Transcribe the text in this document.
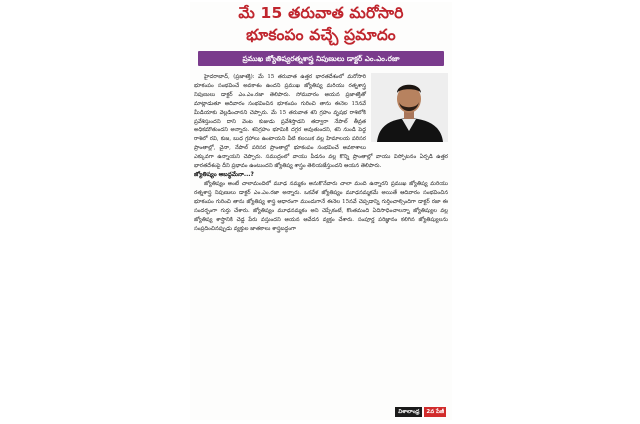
మే 15 తరువాత మరోసారి
భూకంపం వచ్చే ప్రమాదం
ప్రముఖ జ్యోతిష్యరత్నశాస్త్ర నిపుణులు డాక్టర్ ఎం.ఎం.రజా

హైదరాబాద్, (ప్రజాశక్తి): మే 15 తరువాత ఉత్తర భారతదేశంలో మరోసారి భూకంపం సంభవించే అవకాశం ఉందని ప్రముఖ జ్యోతిష్య మరియు రత్నశాస్త్ర నిపుణులు డాక్టర్ ఎం.ఎం.రజా తెలిపారు. సోమవారం ఆయన ప్రజాశక్తితో మాట్లాడుతూ ఆదివారం సంభవించిన భూకంపం గురించి తాను ఈనెల 15నవే మీడియాకు వెల్లడించానని చెప్పారు. మే 15 తరువాత శని గ్రహం వృషభ రాశిలోకి ప్రవేశిస్తుందని దాని వెంట కుజుడు ప్రవేశిస్తాడని తద్వారా నేపాల్ తీవ్రత అధికమౌతుందని అన్నారు. శనిగ్రహం భూమికి దగ్గర అవుతుందని, శని నుండి పెద్ద రాశిలో రవి, కుజ, బుధ గ్రహాలు ఉంటాయని వీటి కలయిక వల్ల హిమాలయ పరిసర ప్రాంతాల్లో, చైనా, నేపాల్ పరిసర ప్రాంతాల్లో భూకంపం సంభవించే అవకాశాలు ఎక్కువగా ఉన్నాయని చెప్పారు. సముద్రంలో వాయు పీడనం వల్ల కొన్ని ప్రాంతాల్లో వాయు విస్ఫోటనం ఏర్పడి ఉత్తర భారతదేశంపై దీని ప్రభావం ఉంటుందని జ్యోతిష్య శాస్త్రం తెలియజేస్తుందని ఆయన తెలిపారు.

జ్యోతిష్యం అబద్ధమేనా...?

జ్యోతిష్యం అంటే చాలామందిలో మూఢ నమ్మకం అనుకొనేవారు చాలా మంది ఉన్నారని ప్రముఖ జ్యోతిష్య మరియు రత్నశాస్త్ర నిపుణులు డాక్టర్ ఎం.ఎం.రజా అన్నారు. ఒకవేళ జ్యోతిష్యం మూఢనమ్మకమే అయితే ఆదివారం సంభవించిన భూకంపం గురించి తాను జ్యోతిష్య శాస్త్ర ఆధారంగా ముందుగానే ఈనెల 15నవే చెప్పడాన్ని గుర్తించాల్సిందిగా డాక్టర్ రజా ఈ సందర్భంగా గుర్తు చేశారు. జ్యోతిష్యం మూఢనమ్మకం అని చెప్పేకంటే, కొంతమంది ఏదిసాధించాలన్నా జ్యోతిష్యుల వల్ల జ్యోతిష్య శాస్త్రానికి చెడ్డ పేరు వస్తుందని ఆయన ఆవేదన వ్యక్తం చేశారు. సంపూర్ణ పరిజ్ఞానం కలిగిన జ్యోతిష్యులను సంప్రదించినప్పుడు వ్యక్తుల జాతకాలు శాస్త్రబద్ధంగా

విశాలాంధ్ర	2వ పేజీ
